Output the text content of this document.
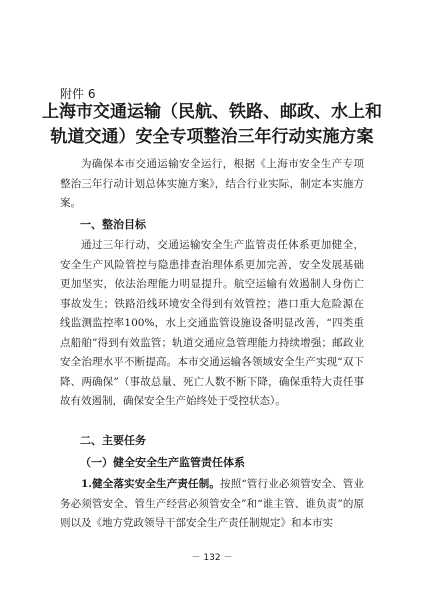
附件 6
上海市交通运输（民航、铁路、邮政、水上和
轨道交通）安全专项整治三年行动实施方案
为确保本市交通运输安全运行，根据《上海市安全生产专项整治三年行动计划总体实施方案》，结合行业实际，制定本实施方案。
一、整治目标
通过三年行动，交通运输安全生产监管责任体系更加健全，安全生产风险管控与隐患排查治理体系更加完善，安全发展基础更加坚实，依法治理能力明显提升。航空运输有效遏制人身伤亡事故发生；铁路沿线环境安全得到有效管控；港口重大危险源在线监测监控率100%，水上交通监管设施设备明显改善，“四类重点船舶”得到有效监管；轨道交通应急管理能力持续增强；邮政业安全治理水平不断提高。本市交通运输各领域安全生产实现“双下降、两确保”（事故总量、死亡人数不断下降，确保重特大责任事故有效遏制，确保安全生产始终处于受控状态）。
二、主要任务
（一）健全安全生产监管责任体系
1.健全落实安全生产责任制。按照“管行业必须管安全、管业务必须管安全、管生产经营必须管安全”和“谁主管、谁负责”的原则以及《地方党政领导干部安全生产责任制规定》和本市实
－ 132 －
